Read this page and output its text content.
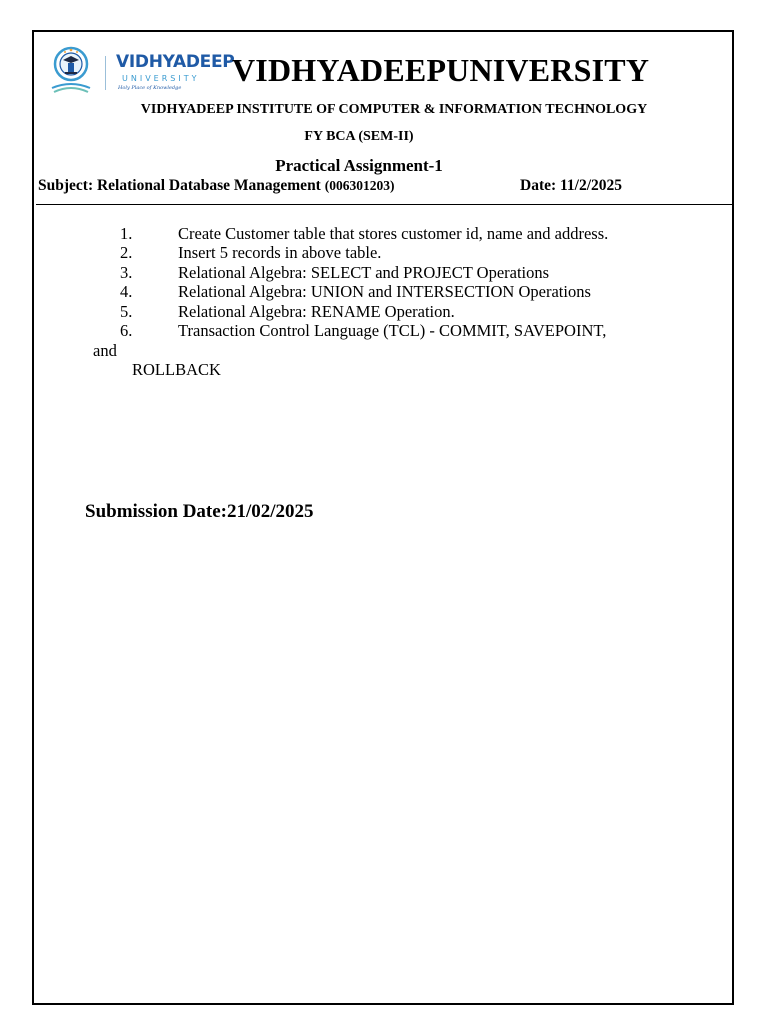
VIDHYADEEP
UNIVERSITY
Holy Place of Knowledge VIDHYADEEPUNIVERSITY
VIDHYADEEP INSTITUTE OF COMPUTER & INFORMATION TECHNOLOGY
FY BCA (SEM-II)
Practical Assignment-1
Subject: Relational Database Management (006301203)	Date: 11/2/2025
1.	Create Customer table that stores customer id, name and address.
2.	Insert 5 records in above table.
3.	Relational Algebra: SELECT and PROJECT Operations
4.	Relational Algebra: UNION and INTERSECTION Operations
5.	Relational Algebra: RENAME Operation.
6.	Transaction Control Language (TCL) - COMMIT, SAVEPOINT,
and
ROLLBACK
Submission Date:21/02/2025
